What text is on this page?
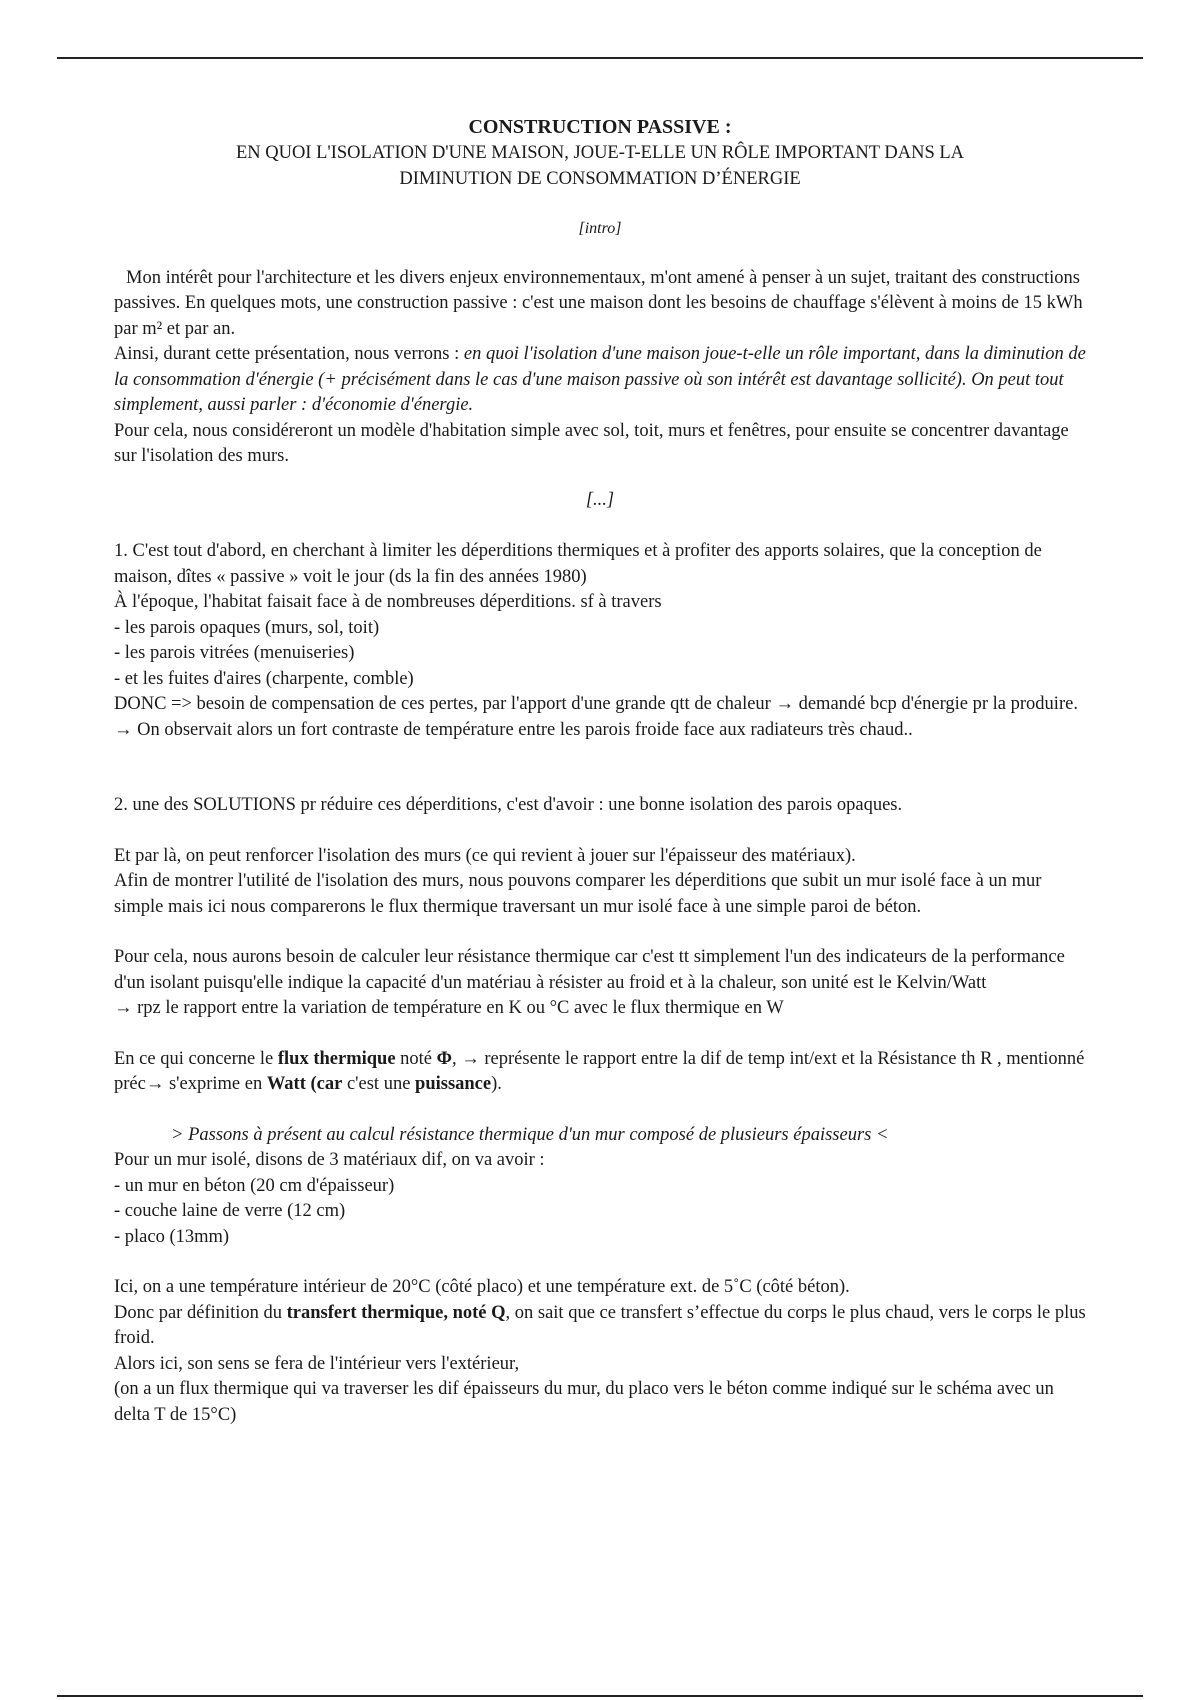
CONSTRUCTION PASSIVE :
EN QUOI L'ISOLATION D'UNE MAISON, JOUE-T-ELLE UN RÔLE IMPORTANT DANS LA
DIMINUTION DE CONSOMMATION D’ÉNERGIE
[intro]

Mon intérêt pour l'architecture et les divers enjeux environnementaux, m'ont amené à penser à un sujet, traitant des constructions passives. En quelques mots, une construction passive : c'est une maison dont les besoins de chauffage s'élèvent à moins de 15 kWh par m² et par an.

Ainsi, durant cette présentation, nous verrons : en quoi l'isolation d'une maison joue-t-elle un rôle important, dans la diminution de la consommation d'énergie (+ précisément dans le cas d'une maison passive où son intérêt est davantage sollicité). On peut tout simplement, aussi parler : d'économie d'énergie.

Pour cela, nous considéreront un modèle d'habitation simple avec sol, toit, murs et fenêtres, pour ensuite se concentrer davantage sur l'isolation des murs.

[...]

1. C'est tout d'abord, en cherchant à limiter les déperditions thermiques et à profiter des apports solaires, que la conception de maison, dîtes « passive » voit le jour (ds la fin des années 1980)

À l'époque, l'habitat faisait face à de nombreuses déperditions. sf à travers

- les parois opaques (murs, sol, toit)

- les parois vitrées (menuiseries)

- et les fuites d'aires (charpente, comble)

DONC => besoin de compensation de ces pertes, par l'apport d'une grande qtt de chaleur → demandé bcp d'énergie pr la produire.

→ On observait alors un fort contraste de température entre les parois froide face aux radiateurs très chaud..

2. une des SOLUTIONS pr réduire ces déperditions, c'est d'avoir : une bonne isolation des parois opaques.

Et par là, on peut renforcer l'isolation des murs (ce qui revient à jouer sur l'épaisseur des matériaux).

Afin de montrer l'utilité de l'isolation des murs, nous pouvons comparer les déperditions que subit un mur isolé face à un mur simple mais ici nous comparerons le flux thermique traversant un mur isolé face à une simple paroi de béton.

Pour cela, nous aurons besoin de calculer leur résistance thermique car c'est tt simplement l'un des indicateurs de la performance d'un isolant puisqu'elle indique la capacité d'un matériau à résister au froid et à la chaleur, son unité est le Kelvin/Watt

→ rpz le rapport entre la variation de température en K ou °C avec le flux thermique en W

En ce qui concerne le flux thermique noté Φ, → représente le rapport entre la dif de temp int/ext et la Résistance th R , mentionné préc→ s'exprime en Watt (car c'est une puissance).

> Passons à présent au calcul résistance thermique d'un mur composé de plusieurs épaisseurs <

Pour un mur isolé, disons de 3 matériaux dif, on va avoir :

- un mur en béton (20 cm d'épaisseur)

- couche laine de verre (12 cm)

- placo (13mm)

Ici, on a une température intérieur de 20°C (côté placo) et une température ext. de 5˚C (côté béton).

Donc par définition du transfert thermique, noté Q, on sait que ce transfert s’effectue du corps le plus chaud, vers le corps le plus froid.

Alors ici, son sens se fera de l'intérieur vers l'extérieur,

(on a un flux thermique qui va traverser les dif épaisseurs du mur, du placo vers le béton comme indiqué sur le schéma avec un delta T de 15°C)
